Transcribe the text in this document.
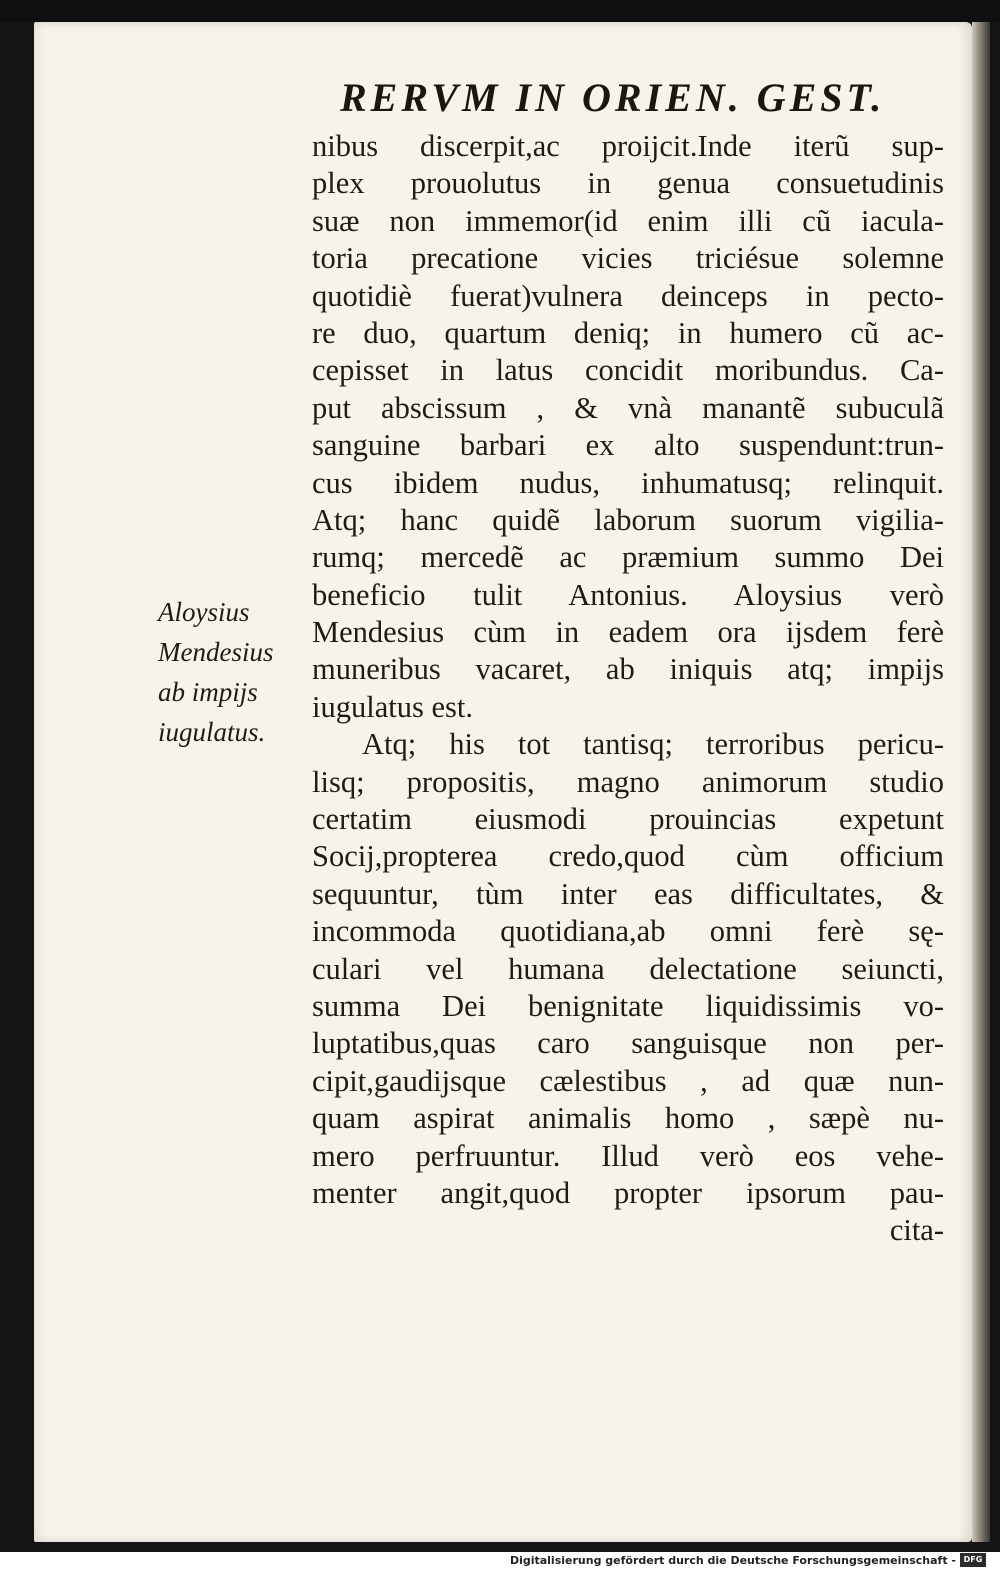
RERVM IN ORIEN. GEST.
nibus discerpit,ac proijcit.Inde iterũ sup-
plex prouolutus in genua consuetudinis
suæ non immemor(id enim illi cũ iacula-
toria precatione vicies triciésue solemne
quotidiè fuerat)vulnera deinceps in pecto-
re duo, quartum deniq; in humero cũ ac-
cepisset in latus concidit moribundus. Ca-
put abscissum , & vnà manantẽ subuculã
sanguine barbari ex alto suspendunt:trun-
cus ibidem nudus, inhumatusq; relinquit.
Atq; hanc quidẽ laborum suorum vigilia-
rumq; mercedẽ ac præmium summo Dei
beneficio tulit Antonius. Aloysius verò
Mendesius cùm in eadem ora ijsdem ferè
muneribus vacaret, ab iniquis atq; impijs
iugulatus est.
Atq; his tot tantisq; terroribus pericu-
lisq; propositis, magno animorum studio
certatim eiusmodi prouincias expetunt
Socij,propterea credo,quod cùm officium
sequuntur, tùm inter eas difficultates, &
incommoda quotidiana,ab omni ferè sę-
culari vel humana delectatione seiuncti,
summa Dei benignitate liquidissimis vo-
luptatibus,quas caro sanguisque non per-
cipit,gaudijsque cælestibus , ad quæ nun-
quam aspirat animalis homo , sæpè nu-
mero perfruuntur. Illud verò eos vehe-
menter angit,quod propter ipsorum pau-
cita-
Aloysius
Mendesius
ab impijs
iugulatus.
Digitalisierung gefördert durch die Deutsche Forschungsgemeinschaft - DFG
